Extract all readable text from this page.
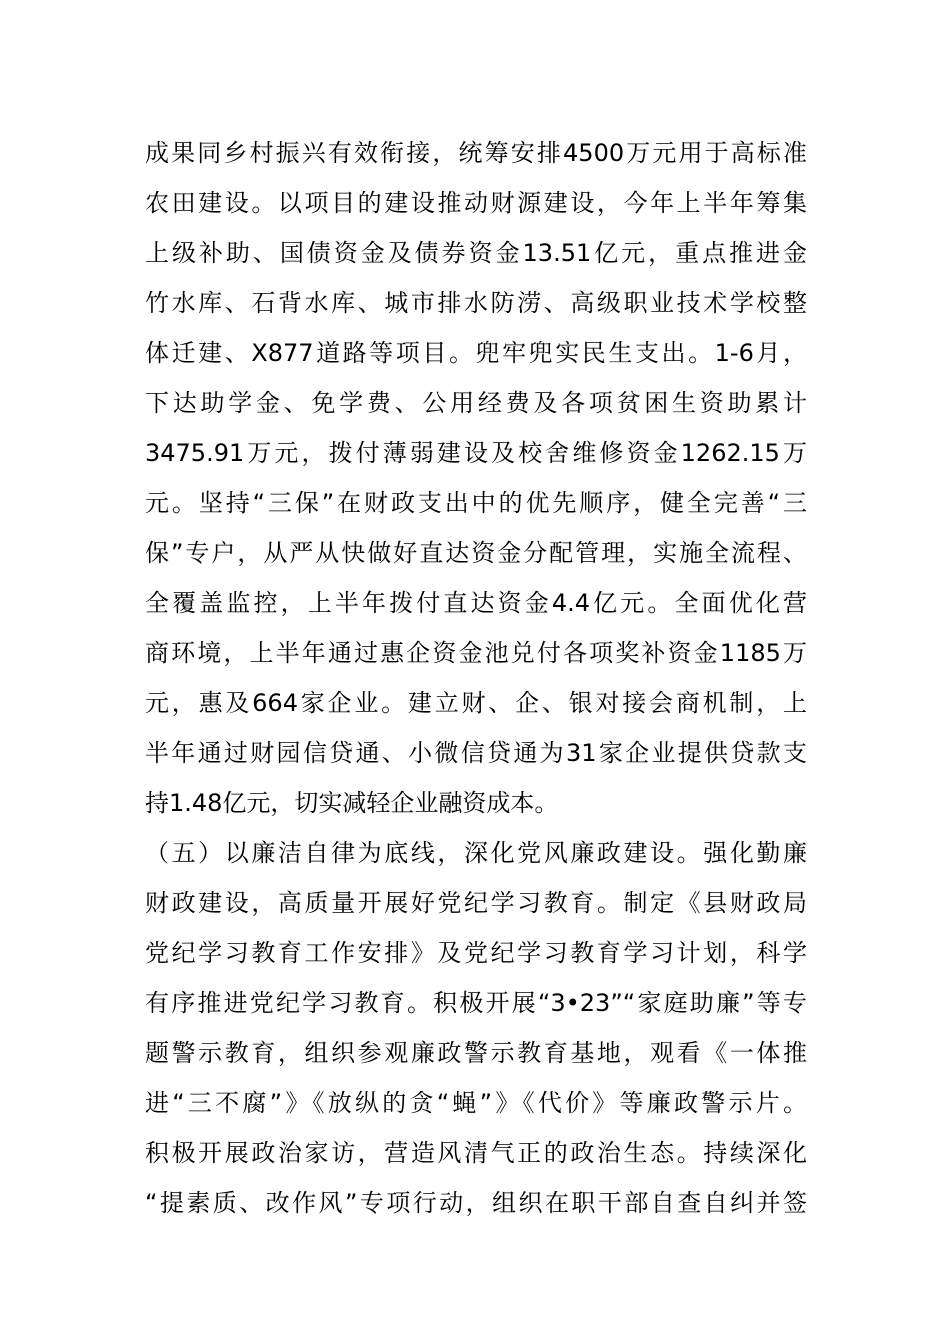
成果同乡村振兴有效衔接，统筹安排4500万元用于高标准
农田建设。以项目的建设推动财源建设，今年上半年筹集
上级补助、国债资金及债券资金13.51亿元，重点推进金
竹水库、石背水库、城市排水防涝、高级职业技术学校整
体迁建、X877道路等项目。兜牢兜实民生支出。1-6月，
下达助学金、免学费、公用经费及各项贫困生资助累计
3475.91万元，拨付薄弱建设及校舍维修资金1262.15万
元。坚持“三保”在财政支出中的优先顺序，健全完善“三
保”专户，从严从快做好直达资金分配管理，实施全流程、
全覆盖监控，上半年拨付直达资金4.4亿元。全面优化营
商环境，上半年通过惠企资金池兑付各项奖补资金1185万
元，惠及664家企业。建立财、企、银对接会商机制，上
半年通过财园信贷通、小微信贷通为31家企业提供贷款支
持1.48亿元，切实减轻企业融资成本。
（五）以廉洁自律为底线，深化党风廉政建设。强化勤廉
财政建设，高质量开展好党纪学习教育。制定《县财政局
党纪学习教育工作安排》及党纪学习教育学习计划，科学
有序推进党纪学习教育。积极开展“3•23”“家庭助廉”等专
题警示教育，组织参观廉政警示教育基地，观看《一体推
进“三不腐”》《放纵的贪“蝇”》《代价》等廉政警示片。
积极开展政治家访，营造风清气正的政治生态。持续深化
“提素质、改作风”专项行动，组织在职干部自查自纠并签
